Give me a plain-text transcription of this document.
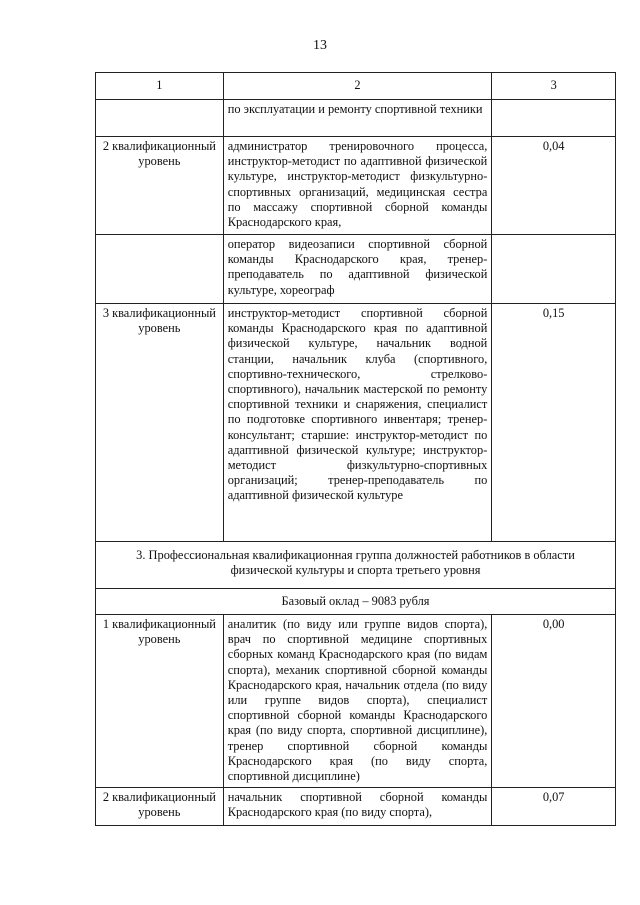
13
1	2	3
	по эксплуатации и ремонту спортивной техники	
2 квалификационный уровень	администратор тренировочного процесса, инструктор-методист по адаптивной физической культуре, инструктор-методист физкультурно-спортивных организаций, медицинская сестра по массажу спортивной сборной команды Краснодарского края,	0,04
	оператор видеозаписи спортивной сборной команды Краснодарского края, тренер-преподаватель по адаптивной физической культуре, хореограф	
3 квалификационный уровень	инструктор-методист спортивной сборной команды Краснодарского края по адаптивной физической культуре, начальник водной станции, начальник клуба (спортивного, спортивно-технического, стрелково-спортивного), начальник мастерской по ремонту спортивной техники и снаряжения, специалист по подготовке спортивного инвентаря; тренер-консультант; старшие: инструктор-методист по адаптивной физической культуре; инструктор-методист физкультурно-спортивных организаций; тренер-преподаватель по адаптивной физической культуре	0,15
3. Профессиональная квалификационная группа должностей работников в области физической культуры и спорта третьего уровня		
Базовый оклад – 9083 рубля		
1 квалификационный уровень	аналитик (по виду или группе видов спорта), врач по спортивной медицине спортивных сборных команд Краснодарского края (по видам спорта), механик спортивной сборной команды Краснодарского края, начальник отдела (по виду или группе видов спорта), специалист спортивной сборной команды Краснодарского края (по виду спорта, спортивной дисциплине), тренер спортивной сборной команды Краснодарского края (по виду спорта, спортивной дисциплине)	0,00
2 квалификационный уровень	начальник спортивной сборной команды Краснодарского края (по виду спорта),	0,07
